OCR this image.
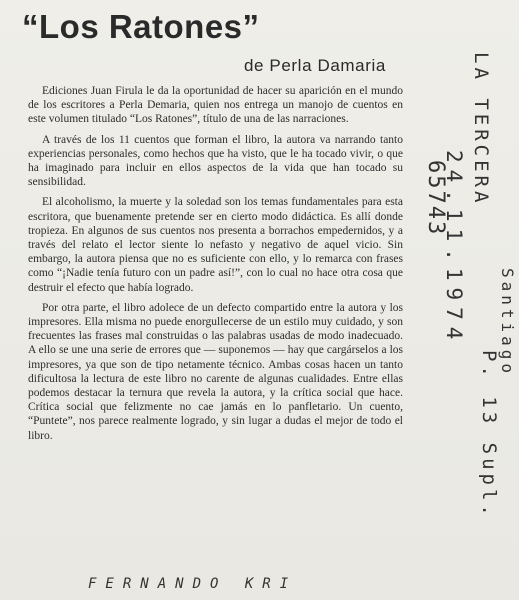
“Los Ratones”
de Perla Damaria

Ediciones Juan Firula le da la oportunidad de hacer su aparición en el mundo de los escritores a Perla Demaria, quien nos entrega un manojo de cuentos en este volumen titulado “Los Ratones”, título de una de las narraciones.

A través de los 11 cuentos que forman el libro, la autora va narrando tanto experiencias personales, como hechos que ha visto, que le ha tocado vivir, o que ha imaginado para incluir en ellos aspectos de la vida que han tocado su sensibilidad.

El alcoholismo, la muerte y la soledad son los temas fundamentales para esta escritora, que buenamente pretende ser en cierto modo didáctica. Es allí donde tropieza. En algunos de sus cuentos nos presenta a borrachos empedernidos, y a través del relato el lector siente lo nefasto y negativo de aquel vicio. Sin embargo, la autora piensa que no es suficiente con ello, y lo remarca con frases como “¡Nadie tenía futuro con un padre así!”, con lo cual no hace otra cosa que destruir el efecto que había logrado.

Por otra parte, el libro adolece de un defecto compartido entre la autora y los impresores. Ella misma no puede enorgullecerse de un estilo muy cuidado, y son frecuentes las frases mal construidas o las palabras usadas de modo inadecuado. A ello se une una serie de errores que — suponemos — hay que cargárselos a los impresores, ya que son de tipo netamente técnico. Ambas cosas hacen un tanto dificultosa la lectura de este libro no carente de algunas cualidades. Entre ellas podemos destacar la ternura que revela la autora, y la crítica social que hace. Crítica social que felizmente no cae jamás en lo panfletario. Un cuento, “Puntete”, nos parece realmente logrado, y sin lugar a dudas el mejor de todo el libro.

LA TERCERA
24.11.1974 Santiago
P. 13 Supl.
65743
FERNANDO KRI
